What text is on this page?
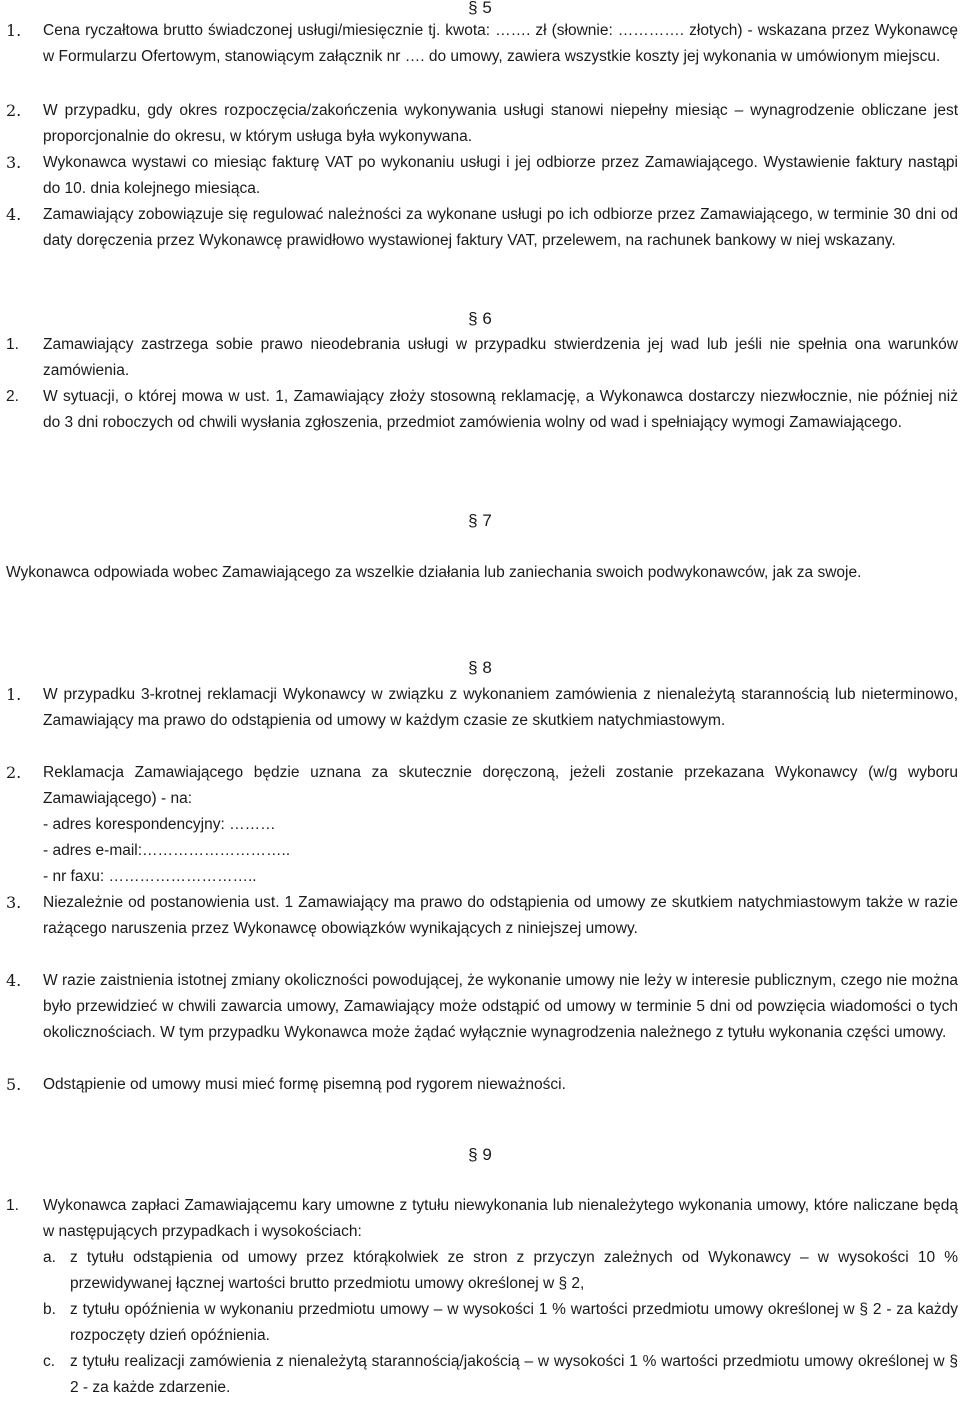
§ 5
1.	Cena ryczałtowa brutto świadczonej usługi/miesięcznie tj. kwota: ……. zł (słownie: …………. złotych) - wskazana przez Wykonawcę w Formularzu Ofertowym, stanowiącym załącznik nr …. do umowy, zawiera wszystkie koszty jej wykonania w umówionym miejscu.
2.	W przypadku, gdy okres rozpoczęcia/zakończenia wykonywania usługi stanowi niepełny miesiąc – wynagrodzenie obliczane jest proporcjonalnie do okresu, w którym usługa była wykonywana.
3.	Wykonawca wystawi co miesiąc fakturę VAT po wykonaniu usługi i jej odbiorze przez Zamawiającego. Wystawienie faktury nastąpi do 10. dnia kolejnego miesiąca.
4.	Zamawiający zobowiązuje się regulować należności za wykonane usługi po ich odbiorze przez Zamawiającego, w terminie 30 dni od daty doręczenia przez Wykonawcę prawidłowo wystawionej faktury VAT, przelewem, na rachunek bankowy w niej wskazany.
§ 6
1.	Zamawiający zastrzega sobie prawo nieodebrania usługi w przypadku stwierdzenia jej wad lub jeśli nie spełnia ona warunków zamówienia.
2.	W sytuacji, o której mowa w ust. 1, Zamawiający złoży stosowną reklamację, a Wykonawca dostarczy niezwłocznie, nie później niż do 3 dni roboczych od chwili wysłania zgłoszenia, przedmiot zamówienia wolny od wad i spełniający wymogi Zamawiającego.
§ 7
Wykonawca odpowiada wobec Zamawiającego za wszelkie działania lub zaniechania swoich podwykonawców, jak za swoje.
§ 8
1.	W przypadku 3-krotnej reklamacji Wykonawcy w związku z wykonaniem zamówienia z nienależytą starannością lub nieterminowo, Zamawiający ma prawo do odstąpienia od umowy w każdym czasie ze skutkiem natychmiastowym.
2.	Reklamacja Zamawiającego będzie uznana za skutecznie doręczoną, jeżeli zostanie przekazana Wykonawcy (w/g wyboru Zamawiającego) - na:
- adres korespondencyjny: ………
- adres e-mail:………………………..
- nr faxu: ………………………..
3.	Niezależnie od postanowienia ust. 1 Zamawiający ma prawo do odstąpienia od umowy ze skutkiem natychmiastowym także w razie rażącego naruszenia przez Wykonawcę obowiązków wynikających z niniejszej umowy.
4.	W razie zaistnienia istotnej zmiany okoliczności powodującej, że wykonanie umowy nie leży w interesie publicznym, czego nie można było przewidzieć w chwili zawarcia umowy, Zamawiający może odstąpić od umowy w terminie 5 dni od powzięcia wiadomości o tych okolicznościach. W tym przypadku Wykonawca może żądać wyłącznie wynagrodzenia należnego z tytułu wykonania części umowy.
5.	Odstąpienie od umowy musi mieć formę pisemną pod rygorem nieważności.
§ 9
1.	Wykonawca zapłaci Zamawiającemu kary umowne z tytułu niewykonania lub nienależytego wykonania umowy, które naliczane będą w następujących przypadkach i wysokościach:
a. z tytułu odstąpienia od umowy przez którąkolwiek ze stron z przyczyn zależnych od Wykonawcy – w wysokości 10 % przewidywanej łącznej wartości brutto przedmiotu umowy określonej w § 2,
b. z tytułu opóźnienia w wykonaniu przedmiotu umowy – w wysokości 1 % wartości przedmiotu umowy określonej w § 2 - za każdy rozpoczęty dzień opóźnienia.
c. z tytułu realizacji zamówienia z nienależytą starannością/jakością – w wysokości 1 % wartości przedmiotu umowy określonej w § 2 - za każde zdarzenie.
